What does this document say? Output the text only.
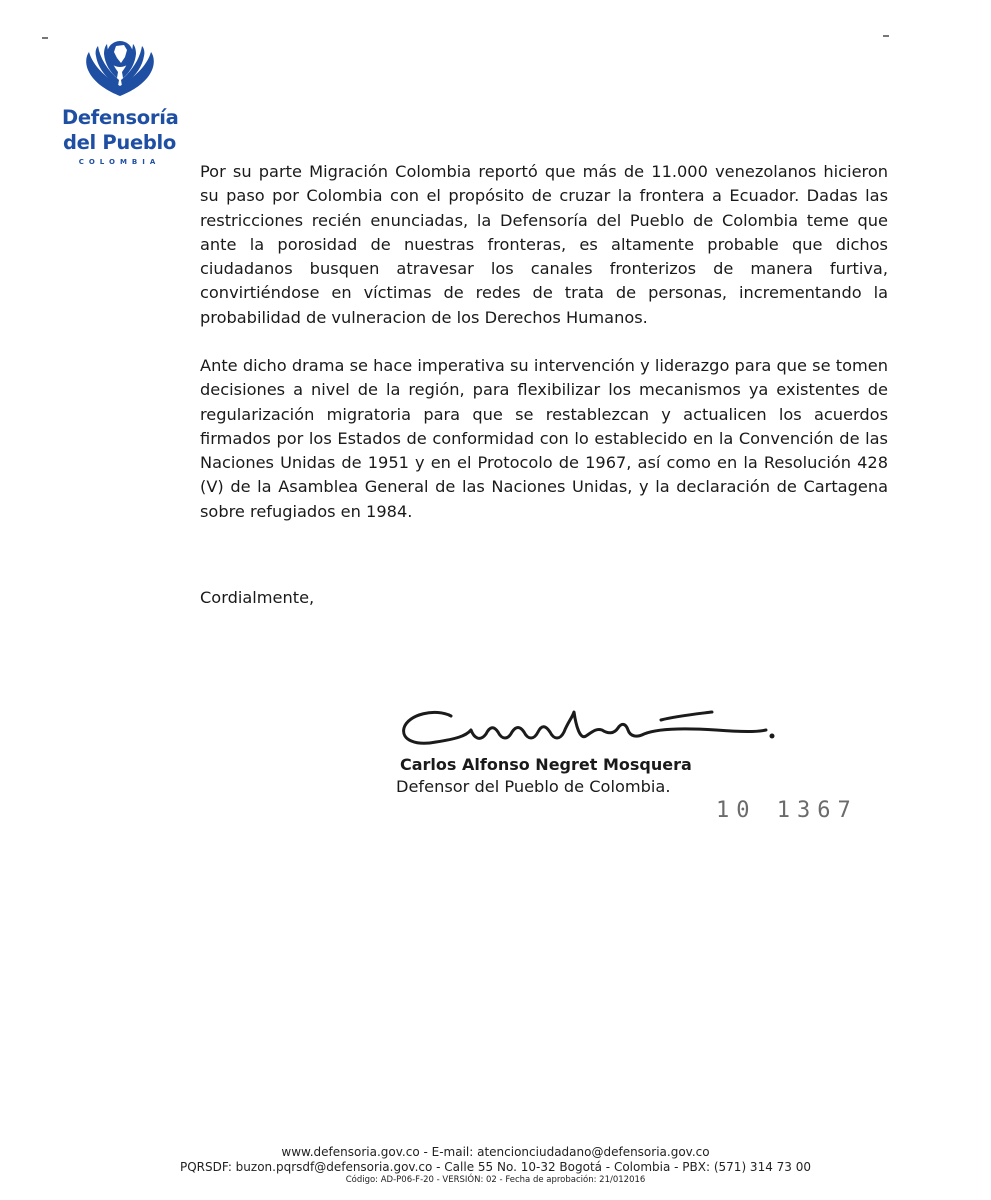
Defensoría
del Pueblo
COLOMBIA	Por su parte Migración Colombia reportó que más de 11.000 venezolanos hicieron su paso por Colombia con el propósito de cruzar la frontera a Ecuador. Dadas las restricciones recién enunciadas, la Defensoría del Pueblo de Colombia teme que ante la porosidad de nuestras fronteras, es altamente probable que dichos ciudadanos busquen atravesar los canales fronterizos de manera furtiva, convirtiéndose en víctimas de redes de trata de personas, incrementando la probabilidad de vulneracion de los Derechos Humanos.

Ante dicho drama se hace imperativa su intervención y liderazgo para que se tomen decisiones a nivel de la región, para flexibilizar los mecanismos ya existentes de regularización migratoria para que se restablezcan y actualicen los acuerdos firmados por los Estados de conformidad con lo establecido en la Convención de las Naciones Unidas de 1951 y en el Protocolo de 1967, así como en la Resolución 428 (V) de la Asamblea General de las Naciones Unidas, y la declaración de Cartagena sobre refugiados en 1984.

Cordialmente,
Carlos Alfonso Negret Mosquera
Defensor del Pueblo de Colombia.
10 1367
www.defensoria.gov.co - E-mail: atencionciudadano@defensoria.gov.co
PQRSDF: buzon.pqrsdf@defensoria.gov.co - Calle 55 No. 10-32 Bogotá - Colombia - PBX: (571) 314 73 00
Código: AD-P06-F-20 - VERSIÓN: 02 - Fecha de aprobación: 21/012016
